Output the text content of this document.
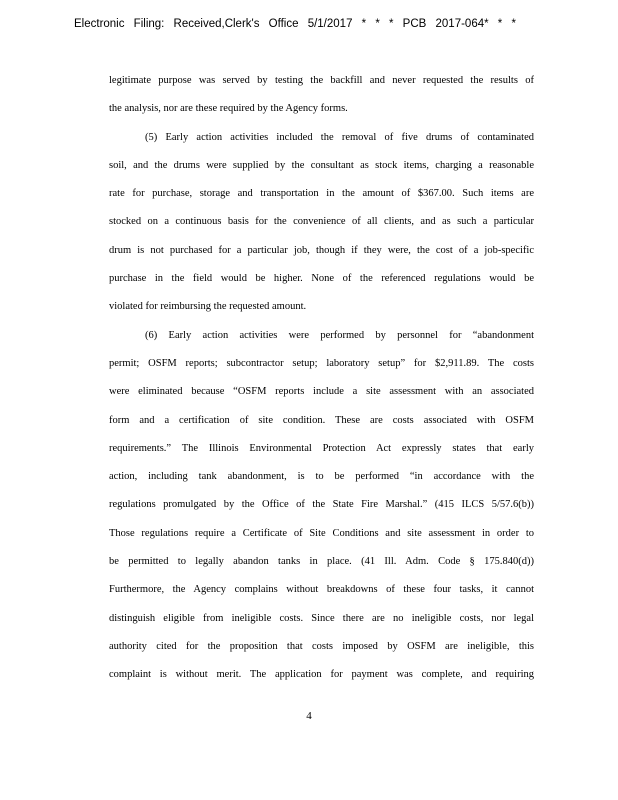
Electronic Filing: Received,Clerk's Office 5/1/2017 * * * PCB 2017-064* * *
legitimate purpose was served by testing the backfill and never requested the results of
the analysis, nor are these required by the Agency forms.
(5) Early action activities included the removal of five drums of contaminated
soil, and the drums were supplied by the consultant as stock items, charging a reasonable
rate for purchase, storage and transportation in the amount of $367.00. Such items are
stocked on a continuous basis for the convenience of all clients, and as such a particular
drum is not purchased for a particular job, though if they were, the cost of a job-specific
purchase in the field would be higher. None of the referenced regulations would be
violated for reimbursing the requested amount.
(6) Early action activities were performed by personnel for “abandonment
permit; OSFM reports; subcontractor setup; laboratory setup” for $2,911.89. The costs
were eliminated because “OSFM reports include a site assessment with an associated
form and a certification of site condition. These are costs associated with OSFM
requirements.” The Illinois Environmental Protection Act expressly states that early
action, including tank abandonment, is to be performed “in accordance with the
regulations promulgated by the Office of the State Fire Marshal.” (415 ILCS 5/57.6(b))
Those regulations require a Certificate of Site Conditions and site assessment in order to
be permitted to legally abandon tanks in place. (41 Ill. Adm. Code § 175.840(d))
Furthermore, the Agency complains without breakdowns of these four tasks, it cannot
distinguish eligible from ineligible costs. Since there are no ineligible costs, nor legal
authority cited for the proposition that costs imposed by OSFM are ineligible, this
complaint is without merit. The application for payment was complete, and requiring
4
